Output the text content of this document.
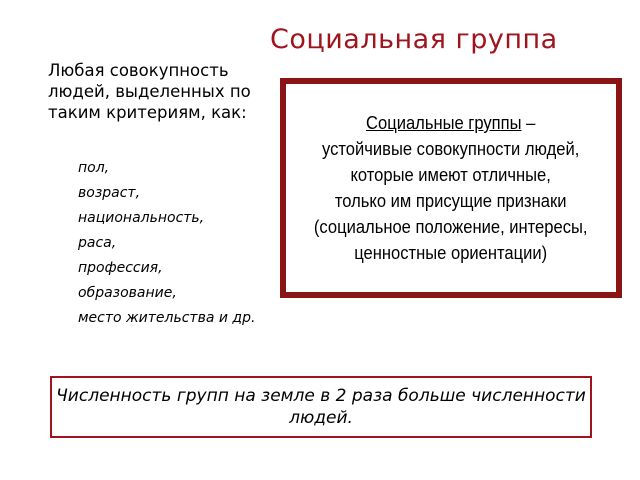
Социальная группа
Любая совокупность людей, выделенных по таким критериям, как:
пол,
возраст,
национальность,
раса,
профессия,
образование,
место жительства и др.
Социальные группы –
устойчивые совокупности людей,
которые имеют отличные,
только им присущие признаки
(социальное положение, интересы,
ценностные ориентации)
Численность групп на земле в 2 раза больше численности людей.
